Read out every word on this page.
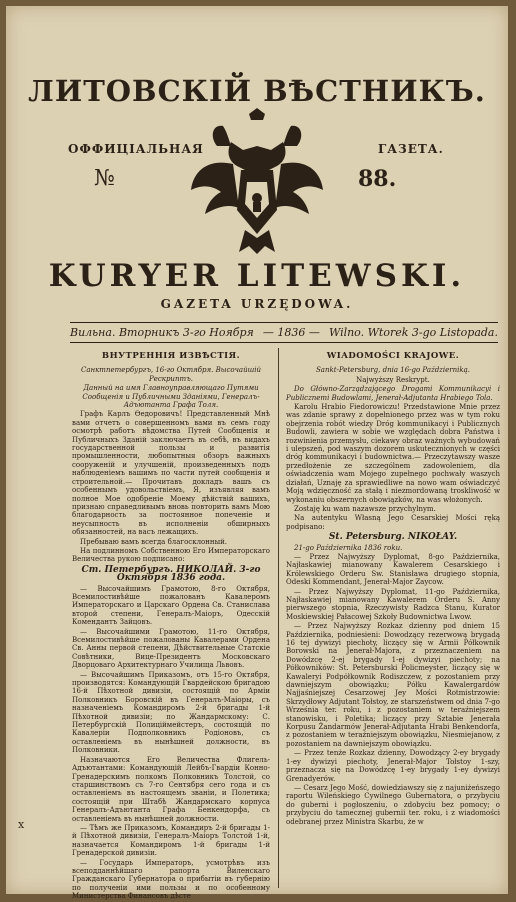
ЛИТОВСКІЙ ВѢСТНИКЪ.
ОФФИЦІАЛЬНАЯ	ГАЗЕТА.
№	88.
KURYER LITEWSKI.
GAZETA URZĘDOWA.
Вильна. Вторникъ 3-го Ноября — 1836 — Wilno. Wtorek 3-go Listopada.
ВНУТРЕННІЯ ИЗВѢСТІЯ.

Санктпетербургъ, 16-го Октября. Высочайшій Рескриптъ.

Данный на имя Главноуправляющаго Путями Сообщенія и Публичными Зданіями, Генералъ-Адъютанта Графа Толя.

Графъ Карлъ Ѳедоровичъ! Представленный Мнѣ вами отчетъ о совершенномъ вами въ семъ году осмотрѣ работъ вѣдомства Путей Сообщенія и Публичныхъ Зданій заключаетъ въ себѣ, въ видахъ государственной пользы и развитія промышленности, любопытныя обзоръ важныхъ сооруженій и улучшеній, произведенныхъ подъ наблюденіемъ вашимъ по части путей сообщенія и строительной.— Прочитавъ докладъ вашъ съ особеннымъ удовольствіемъ, Я, изъявляя вамъ полное Мое одобреніе Моему дѣйствій вашихъ, признаю справедливымъ вновь повторить вамъ Мою благодарность за постоянное попеченіе и неусыпность въ исполненіи обширныхъ обязанностей, на васъ лежащихъ.

Пребываю вамъ всегда благосклонный.

На подлинномъ Собственною Его Императорскаго Величества рукою подписано:

Ст. Петербургъ. НИКОЛАЙ. 3-го Октября 1836 года.

— Высочайшимъ Грамотою, 8-го Октября, Всемилостивѣйше пожалованъ Кавалеромъ Императорскаго и Царскаго Ордена Св. Станислава второй степени, Генералъ-Маіоръ, Одесскій Комендантъ Зайцовъ.

— Высочайшими Грамотою, 11-го Октября, Всемилостивѣйше пожалованы Кавалерами Ордена Св. Анны первой степени, Дѣйствительные Статскіе Совѣтники, Вице-Президентъ Московскаго Дворцоваго Архитектурнаго Училища Львовъ.

— Высочайшимъ Приказомъ, отъ 15-го Октября, производятся: Командующій Гвардейскою бригадою 16-й Пѣхотной дивизіи, состоящій по Арміи Полковникъ Боровскій въ Генералъ-Маіоры, съ назначеніемъ Командиромъ 2-й бригады 1-й Пѣхотной дивизіи; по Жандармскому: С. Петербургскій Полиціймейстеръ, состоящій по Кавалеріи Подполковникъ Родіоновъ, съ оставленіемъ въ нынѣшней должности, въ Полковники.

Назначаются Его Величества Флигель-Адъютантами: Командующій Лейбъ-Гвардіи Конно-Гренадерскимъ полкомъ Полковникъ Толстой, со старшинствомъ съ 7-го Сентября сего года и съ оставленіемъ въ настоящемъ званіи, и Полетика; состоящій при Штабѣ Жандармскаго корпуса Генералъ-Адъютанта Графа Бенкендорфа, съ оставленіемъ въ нынѣшней должности.

— Тѣмъ же Приказомъ, Командиръ 2-й бригады 1-й Пѣхотной дивизіи, Генералъ-Маіоръ Толстой 1-й, назначается Командиромъ 1-й бригады 1-й Гренадерской дивизіи.

— Государь Императоръ, усмотрѣвъ изъ всеподданнѣйшаго рапорта Виленскаго Гражданскаго Губернатора о прибытіи въ губернію по полученіи ими пользы и по особенному Министерства Финансовъ дѣсте

WIADOMOŚCI KRAJOWE.

Sankt-Petersburg, dnia 16-go Październiką.

Najwyższy Reskrypt.

Do Główno-Zarządzającego Drogami Kommunikacyi i Publicznemi Budowlami, Jenerał-Adjutanta Hrabiego Tola.

Karolu Hrabio Fiedorowiczu! Przedstawione Mnie przez was zdanie sprawy z dopełnionego przez was w tym roku obejrzenia robót wiedzy Dróg kommunikacyi i Publicznych Budowli, zawiera w sobie we względach dobra Państwa i rozwinienia przemysłu, ciekawy obraz ważnych wybudowań i ulepszeń, pod waszym dozorem uskutecznionych w części dróg kommunikacyi i budownictwa.— Przeczytawszy wasze przedłożenie ze szczególnem zadowoleniem, dla oświadczenia wam Mojego zupełnego pochwały waszych działań, Uznaję za sprawiedliwe na nowo wam oświadczyć Moją wdzięczność za stałą i niezmordowaną troskliwość w wykonaniu obszernych obowiązków, na was włożonych.

Zostaję ku wam nazawsze przychylnym.

Na autentyku Własną Jego Cesarskiej Mości ręką podpisano:

St. Petersburg. NIKOŁAY.

21-go Października 1836 roku.

— Przez Najwyższy Dyplomat, 8-go Października, Najłaskawiej mianowany Kawalerem Cesarskiego i Królewskiego Orderu Sw. Stanisława drugiego stopnia, Odeski Kommendant, Jenerał-Major Zaycow.

— Przez Najwyższy Dyplomat, 11-go Października, Najłaskawiej mianowany Kawalerem Orderu S. Anny pierwszego stopnia, Rzeczywisty Radzca Stanu, Kurator Moskiewskiej Pałacowej Szkoły Budownictwa Lwow.

— Przez Najwyższy Rozkaz dzienny pod dniem 15 Października, podniesieni: Dowodzący rezerwową brygadą 16 tej dywizyi piechoty, liczący się w Armii Półkownik Borowski na Jenerał-Majora, z przeznaczeniem na Dowódzcę 2-ej brygady 1-ej dywizyi piechoty; na Półkowników: St. Petersburski Policmeyster, liczący się w Kawaleryi Podpółkownik Rodiszczew, z pozostaniem przy dawniejszym obowiązku; Półku Kawalergardów Najjaśniejszej Cesarzowej Jey Mości Rotmistrzowie: Skrzydłowy Adjutant Tołstoy, ze starszeństwem od dnia 7-go Września ter. roku, i z pozostaniem w teraźniejszem stanowisku, i Poletika; liczący przy Sztabie Jenerała Korpusu Żandarmów Jenerał-Adjutanta Hrabi Benkendorfa, z pozostaniem w teraźniejszym obowiązku, Niesmiejanow, z pozostaniem na dawniejszym obowiązku.

— Przez tenże Rozkaz dzienny, Dowodzący 2-ey brygady 1-ey dywizyi piechoty, Jenerał-Major Tołstoy 1-szy, przeznacza się na Dowódzcę 1-ey brygady 1-ey dywizyi Grenadyerów.

— Cesarz Jego Mość, dowiedziawszy się z najuniżeńszego raportu Wileńskiego Cywilnego Gubernatora, o przybyciu do guberni i pogłoszeniu, o zdobyciu bez pomocy; o przybyciu do tamecznej gubernii ter. roku, i z wiadomości odebranej przez Ministra Skarbu, że w

x
